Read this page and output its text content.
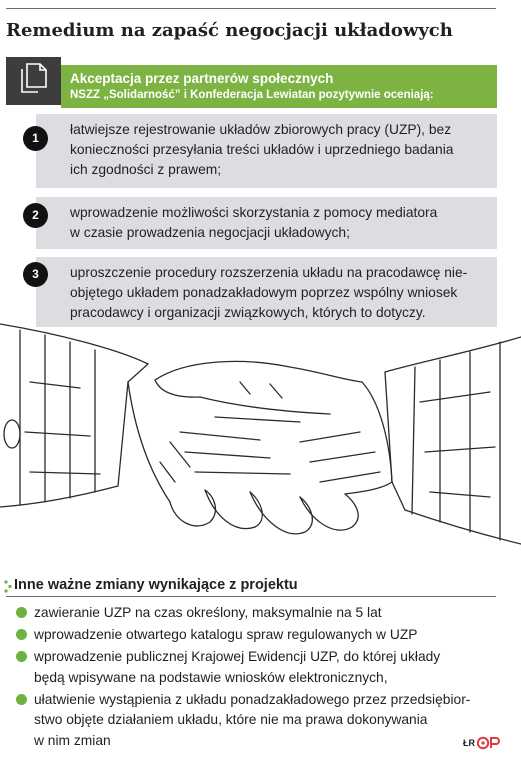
Remedium na zapaść negocjacji układowych
Akceptacja przez partnerów społecznych
NSZZ „Solidarność” i Konfederacja Lewiatan pozytywnie oceniają:
łatwiejsze rejestrowanie układów zbiorowych pracy (UZP), bez
konieczności przesyłania treści układów i uprzedniego badania
ich zgodności z prawem;
1
wprowadzenie możliwości skorzystania z pomocy mediatora
w czasie prowadzenia negocjacji układowych;
2
uproszczenie procedury rozszerzenia układu na pracodawcę nie-
objętego układem ponadzakładowym poprzez wspólny wniosek
pracodawcy i organizacji związkowych, których to dotyczy.
3
Inne ważne zmiany wynikające z projektu
zawieranie UZP na czas określony, maksymalnie na 5 lat
wprowadzenie otwartego katalogu spraw regulowanych w UZP
wprowadzenie publicznej Krajowej Ewidencji UZP, do której układy
będą wpisywane na podstawie wniosków elektronicznych,
ułatwienie wystąpienia z układu ponadzakładowego przez przedsiębior-
stwo objęte działaniem układu, które nie ma prawa dokonywania
w nim zmian	ŁR
